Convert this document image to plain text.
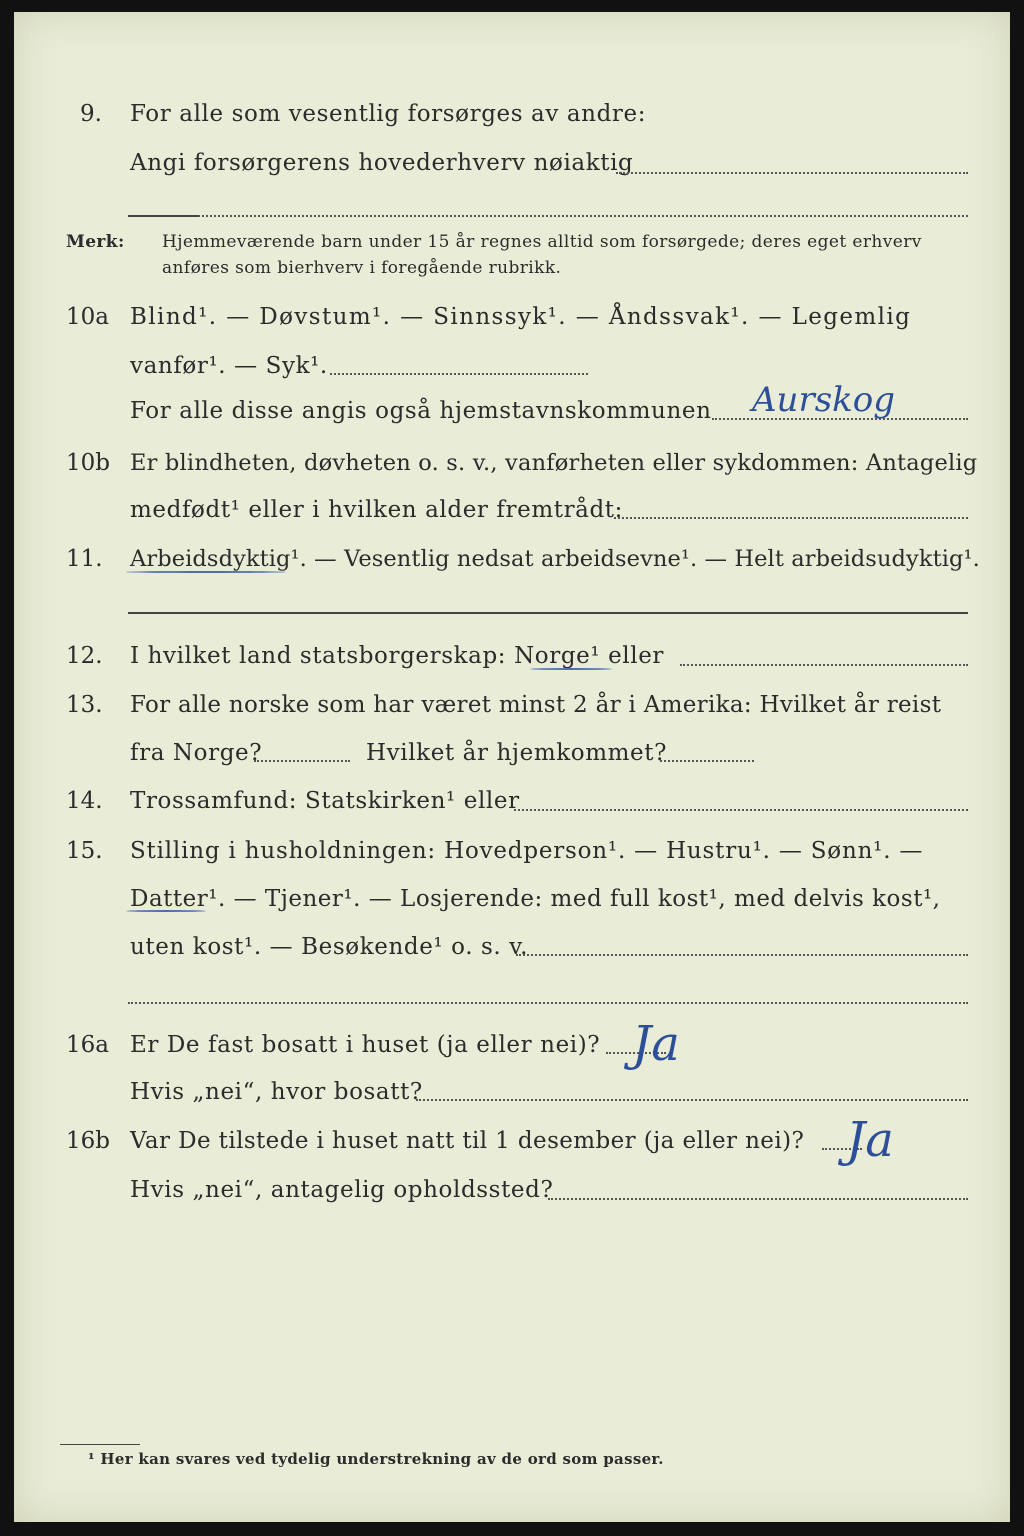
9. For alle som vesentlig forsørges av andre:
Angi forsørgerens hovederhverv nøiaktig
Merk: Hjemmeværende barn under 15 år regnes alltid som forsørgede; deres eget erhverv
anføres som bierhverv i foregående rubrikk.
10a Blind¹. — Døvstum¹. — Sinnssyk¹. — Åndssvak¹. — Legemlig
vanfør¹. — Syk¹.
For alle disse angis også hjemstavnskommunen Aurskog
10b Er blindheten, døvheten o. s. v., vanførheten eller sykdommen: Antagelig
medfødt¹ eller i hvilken alder fremtrådt:
11. Arbeidsdyktig¹. — Vesentlig nedsat arbeidsevne¹. — Helt arbeidsudyktig¹.
12. I hvilket land statsborgerskap: Norge¹ eller
13. For alle norske som har været minst 2 år i Amerika: Hvilket år reist
fra Norge?	Hvilket år hjemkommet?
14. Trossamfund: Statskirken¹ eller
15. Stilling i husholdningen: Hovedperson¹. — Hustru¹. — Sønn¹. —
Datter¹. — Tjener¹. — Losjerende: med full kost¹, med delvis kost¹,
uten kost¹. — Besøkende¹ o. s. v.
16a Er De fast bosatt i huset (ja eller nei)? Ja
Hvis „nei“, hvor bosatt?
16b Var De tilstede i huset natt til 1 desember (ja eller nei)? Ja
Hvis „nei“, antagelig opholdssted?
¹ Her kan svares ved tydelig understrekning av de ord som passer.
